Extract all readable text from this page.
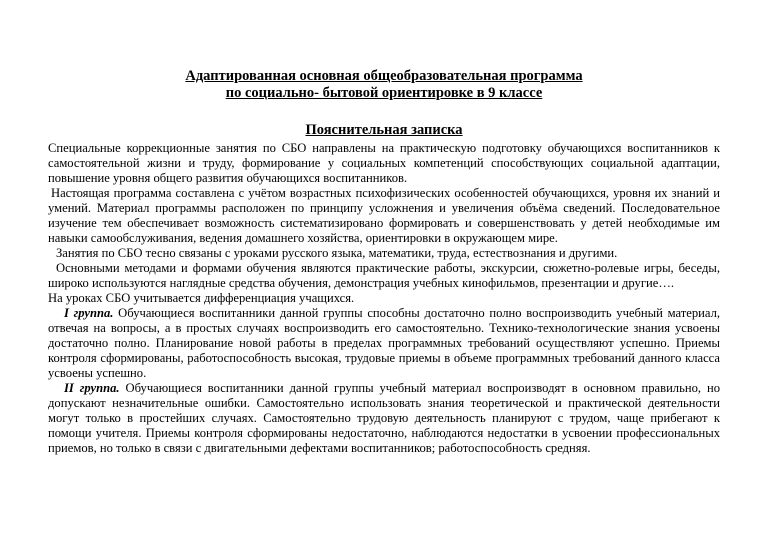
Адаптированная основная общеобразовательная программа
по социально- бытовой ориентировке в 9 классе
Пояснительная записка

Специальные коррекционные занятия по СБО направлены на практическую подготовку обучающихся воспитанников к самостоятельной жизни и труду, формирование у социальных компетенций способствующих социальной адаптации, повышение уровня общего развития обучающихся воспитанников.

Настоящая программа составлена с учётом возрастных психофизических особенностей обучающихся, уровня их знаний и умений. Материал программы расположен по принципу усложнения и увеличения объёма сведений. Последовательное изучение тем обеспечивает возможность систематизировано формировать и совершенствовать у детей необходимые им навыки самообслуживания, ведения домашнего хозяйства, ориентировки в окружающем мире.

Занятия по СБО тесно связаны с уроками русского языка, математики, труда, естествознания и другими.

Основными методами и формами обучения являются практические работы, экскурсии, сюжетно-ролевые игры, беседы, широко используются наглядные средства обучения, демонстрация учебных кинофильмов, презентации и другие….

На уроках СБО учитывается дифференциация учащихся.

I группа. Обучающиеся воспитанники данной группы способны достаточно полно воспроизводить учебный материал, отвечая на вопросы, а в простых случаях воспроизводить его самостоятельно. Технико-технологические знания усвоены достаточно полно. Планирование новой работы в пределах программных требований осуществляют успешно. Приемы контроля сформированы, работоспособность высокая, трудовые приемы в объеме программных требований данного класса усвоены успешно.

II группа. Обучающиеся воспитанники данной группы учебный материал воспроизводят в основном правильно, но допускают незначительные ошибки. Самостоятельно использовать знания теоретической и практической деятельности могут только в простейших случаях. Самостоятельно трудовую деятельность планируют с трудом, чаще прибегают к помощи учителя. Приемы контроля сформированы недостаточно, наблюдаются недостатки в усвоении профессиональных приемов, но только в связи с двигательными дефектами воспитанников; работоспособность средняя.
